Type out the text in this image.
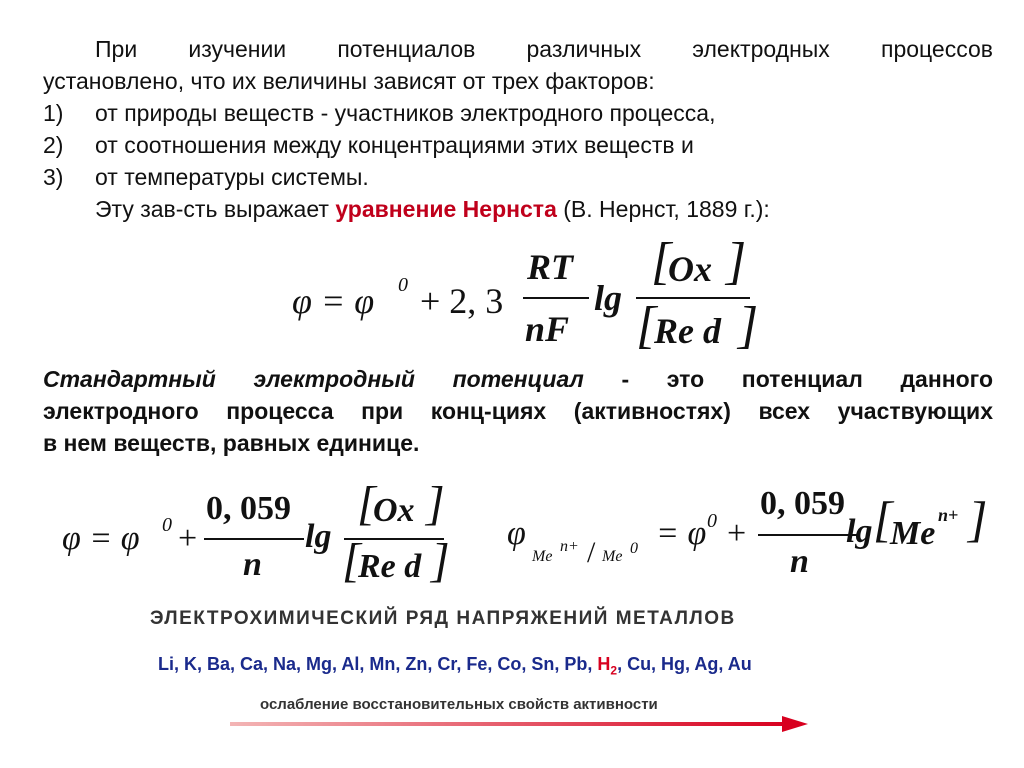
При изучении потенциалов различных электродных процессов
установлено, что их величины зависят от трех факторов:
1) от природы веществ - участников электродного процесса,
2) от соотношения между концентрациями этих веществ и
3) от температуры системы.
Эту зав-сть выражает уравнение Нернста (В. Нернст, 1889 г.):
φ = φ 0 + 2, 3
RT
nF
lg
[
Ox ]
[
Re d ]
Стандартный электродный потенциал - это потенциал данного
электродного процесса при конц-циях (активностях) всех участвующих
в нем веществ, равных единице.
φ = φ 0 +
0, 059
n
lg
[
Ox ]
[
Re d ]
φ
Me
n+ / Me 0 = φ 0 +
0, 059
n
lg [
Me n+ ]
ЭЛЕКТРОХИМИЧЕСКИЙ РЯД НАПРЯЖЕНИЙ МЕТАЛЛОВ
Li, K, Ba, Ca, Na, Mg, Al, Mn, Zn, Cr, Fe, Co, Sn, Pb, $H_2$, Cu, Hg, Ag, Au
ослабление восстановительных свойств активности
